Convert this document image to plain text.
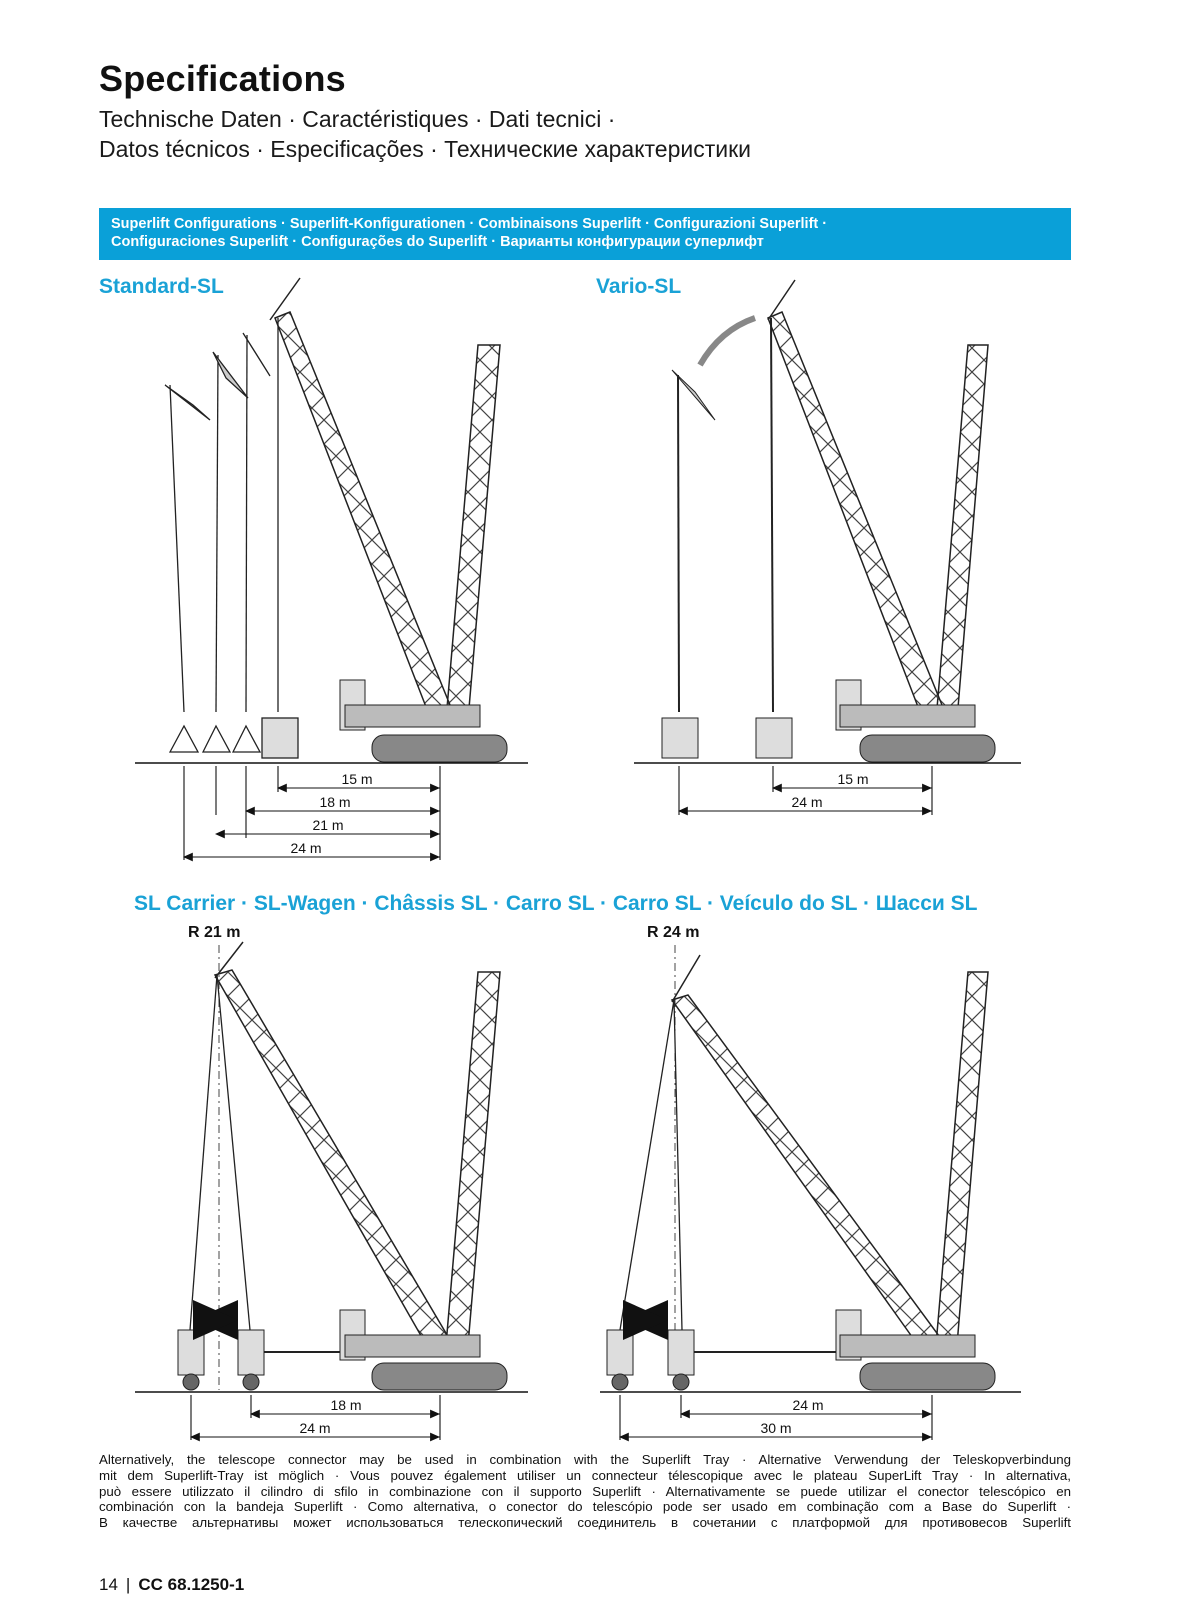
Specifications
Technische Daten · Caractéristiques · Dati tecnici ·
Datos técnicos · Especificações · Технические характеристики
Superlift Configurations · Superlift-Konfigurationen · Combinaisons Superlift · Configurazioni Superlift ·
Configuraciones Superlift · Configurações do Superlift · Варианты конфигурации суперлифт
Standard-SL	Vario-SL
SL Carrier · SL-Wagen · Châssis SL · Carro SL · Carro SL · Veículo do SL · Шасси SL
R 21 m	R 24 m
15 m
18 m
21 m
24 m
15 m
24 m
18 m
24 m
24 m
30 m
Alternatively, the telescope connector may be used in combination with the Superlift Tray · Alternative Verwendung der Teleskopverbindung
mit dem Superlift-Tray ist möglich · Vous pouvez également utiliser un connecteur télescopique avec le plateau SuperLift Tray · In alternativa,
può essere utilizzato il cilindro di sfilo in combinazione con il supporto Superlift · Alternativamente se puede utilizar el conector telescópico en
combinación con la bandeja Superlift · Como alternativa, o conector do telescópio pode ser usado em combinação com a Base do Superlift ·
В качестве альтернативы может использоваться телескопический соединитель в сочетании с платформой для противовесов Superlift
14 | CC 68.1250-1
